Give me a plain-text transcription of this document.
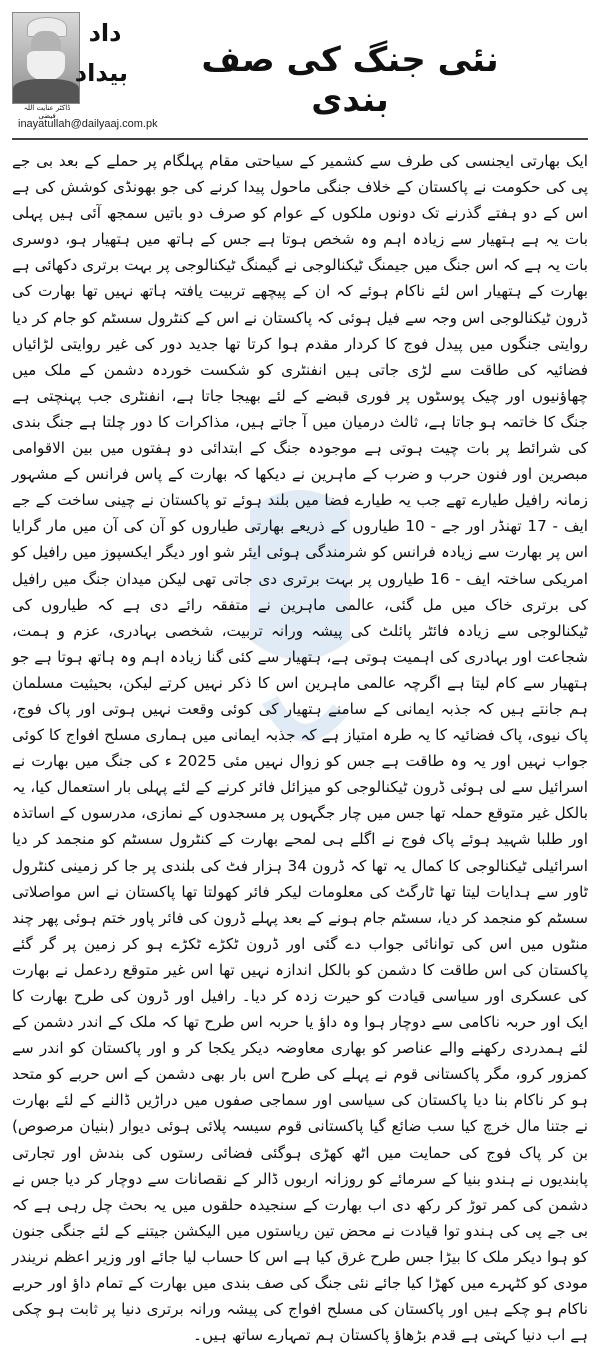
داد
بیداد
ڈاکٹر عنایت اللہ فیضی
inayatullah@dailyaaj.com.pk
نئی جنگ کی صف بندی

ایک بھارتی ایجنسی کی طرف سے کشمیر کے سیاحتی مقام پہلگام پر حملے کے بعد بی جے پی کی حکومت نے پاکستان کے خلاف جنگی ماحول پیدا کرنے کی جو بھونڈی کوشش کی ہے اس کے دو ہفتے گذرنے تک دونوں ملکوں کے عوام کو صرف دو باتیں سمجھ آئی ہیں پہلی بات یہ ہے ہتھیار سے زیادہ اہم وہ شخص ہوتا ہے جس کے ہاتھ میں ہتھیار ہو، دوسری بات یہ ہے کہ اس جنگ میں جیمنگ ٹیکنالوجی نے گیمنگ ٹیکنالوجی پر بہت برتری دکھائی ہے بھارت کے ہتھیار اس لئے ناکام ہوئے کہ ان کے پیچھے تربیت یافتہ ہاتھ نہیں تھا بھارت کی ڈرون ٹیکنالوجی اس وجہ سے فیل ہوئی کہ پاکستان نے اس کے کنٹرول سسٹم کو جام کر دیا روایتی جنگوں میں پیدل فوج کا کردار مقدم ہوا کرتا تھا جدید دور کی غیر روایتی لڑائیاں فضائیہ کی طاقت سے لڑی جاتی ہیں انفنٹری کو شکست خوردہ دشمن کے ملک میں چھاؤنیوں اور چیک پوسٹوں پر فوری قبضے کے لئے بھیجا جاتا ہے، انفنٹری جب پہنچتی ہے جنگ کا خاتمہ ہو جاتا ہے، ثالث درمیان میں آ جاتے ہیں، مذاکرات کا دور چلتا ہے جنگ بندی کی شرائط پر بات چیت ہوتی ہے موجودہ جنگ کے ابتدائی دو ہفتوں میں بین الاقوامی مبصرین اور فنون حرب و ضرب کے ماہرین نے دیکھا کہ بھارت کے پاس فرانس کے مشہور زمانہ رافیل طیارے تھے جب یہ طیارے فضا میں بلند ہوئے تو پاکستان نے چینی ساخت کے جے ایف - 17 تھنڈر اور جے - 10 طیاروں کے ذریعے بھارتی طیاروں کو آن کی آن میں مار گرایا اس پر بھارت سے زیادہ فرانس کو شرمندگی ہوئی ایئر شو اور دیگر ایکسپوز میں رافیل کو امریکی ساختہ ایف - 16 طیاروں پر بہت برتری دی جاتی تھی لیکن میدان جنگ میں رافیل کی برتری خاک میں مل گئی، عالمی ماہرین نے متفقہ رائے دی ہے کہ طیاروں کی ٹیکنالوجی سے زیادہ فائٹر پائلٹ کی پیشہ ورانہ تربیت، شخصی بہادری، عزم و ہمت، شجاعت اور بہادری کی اہمیت ہوتی ہے، ہتھیار سے کئی گنا زیادہ اہم وہ ہاتھ ہوتا ہے جو ہتھیار سے کام لیتا ہے اگرچہ عالمی ماہرین اس کا ذکر نہیں کرتے لیکن، بحیثیت مسلمان ہم جانتے ہیں کہ جذبہ ایمانی کے سامنے ہتھیار کی کوئی وقعت نہیں ہوتی اور پاک فوج، پاک نیوی، پاک فضائیہ کا یہ طرہ امتیاز ہے کہ جذبہ ایمانی میں ہماری مسلح افواج کا کوئی جواب نہیں اور یہ وہ طاقت ہے جس کو زوال نہیں مئی 2025 ء کی جنگ میں بھارت نے اسرائیل سے لی ہوئی ڈرون ٹیکنالوجی کو میزائل فائر کرنے کے لئے پہلی بار استعمال کیا، یہ بالکل غیر متوقع حملہ تھا جس میں چار جگہوں پر مسجدوں کے نمازی، مدرسوں کے اساتذہ اور طلبا شہید ہوئے پاک فوج نے اگلے ہی لمحے بھارت کے کنٹرول سسٹم کو منجمد کر دیا اسرائیلی ٹیکنالوجی کا کمال یہ تھا کہ ڈرون 34 ہزار فٹ کی بلندی پر جا کر زمینی کنٹرول ٹاور سے ہدایات لیتا تھا ٹارگٹ کی معلومات لیکر فائر کھولتا تھا پاکستان نے اس مواصلاتی سسٹم کو منجمد کر دیا، سسٹم جام ہونے کے بعد پہلے ڈرون کی فائر پاور ختم ہوئی پھر چند منٹوں میں اس کی توانائی جواب دے گئی اور ڈرون ٹکڑے ٹکڑے ہو کر زمین پر گر گئے پاکستان کی اس طاقت کا دشمن کو بالکل اندازہ نہیں تھا اس غیر متوقع ردعمل نے بھارت کی عسکری اور سیاسی قیادت کو حیرت زدہ کر دیا۔ رافیل اور ڈرون کی طرح بھارت کا ایک اور حربہ ناکامی سے دوچار ہوا وہ داؤ یا حربہ اس طرح تھا کہ ملک کے اندر دشمن کے لئے ہمدردی رکھنے والے عناصر کو بھاری معاوضہ دیکر یکجا کر و اور پاکستان کو اندر سے کمزور کرو، مگر پاکستانی قوم نے پہلے کی طرح اس بار بھی دشمن کے اس حربے کو متحد ہو کر ناکام بنا دیا پاکستان کی سیاسی اور سماجی صفوں میں دراڑیں ڈالنے کے لئے بھارت نے جتنا مال خرچ کیا سب ضائع گیا پاکستانی قوم سیسہ پلائی ہوئی دیوار (بنیان مرصوص) بن کر پاک فوج کی حمایت میں اٹھ کھڑی ہوگئی فضائی رستوں کی بندش اور تجارتی پابندیوں نے ہندو بنیا کے سرمائے کو روزانہ اربوں ڈالر کے نقصانات سے دوچار کر دیا جس نے دشمن کی کمر توڑ کر رکھ دی اب بھارت کے سنجیدہ حلقوں میں یہ بحث چل رہی ہے کہ بی جے پی کی ہندو توا قیادت نے محض تین ریاستوں میں الیکشن جیتنے کے لئے جنگی جنون کو ہوا دیکر ملک کا بیڑا جس طرح غرق کیا ہے اس کا حساب لیا جائے اور وزیر اعظم نریندر مودی کو کٹہرے میں کھڑا کیا جائے نئی جنگ کی صف بندی میں بھارت کے تمام داؤ اور حربے ناکام ہو چکے ہیں اور پاکستان کی مسلح افواج کی پیشہ ورانہ برتری دنیا پر ثابت ہو چکی ہے اب دنیا کہتی ہے قدم بڑھاؤ پاکستان ہم تمہارے ساتھ ہیں۔
